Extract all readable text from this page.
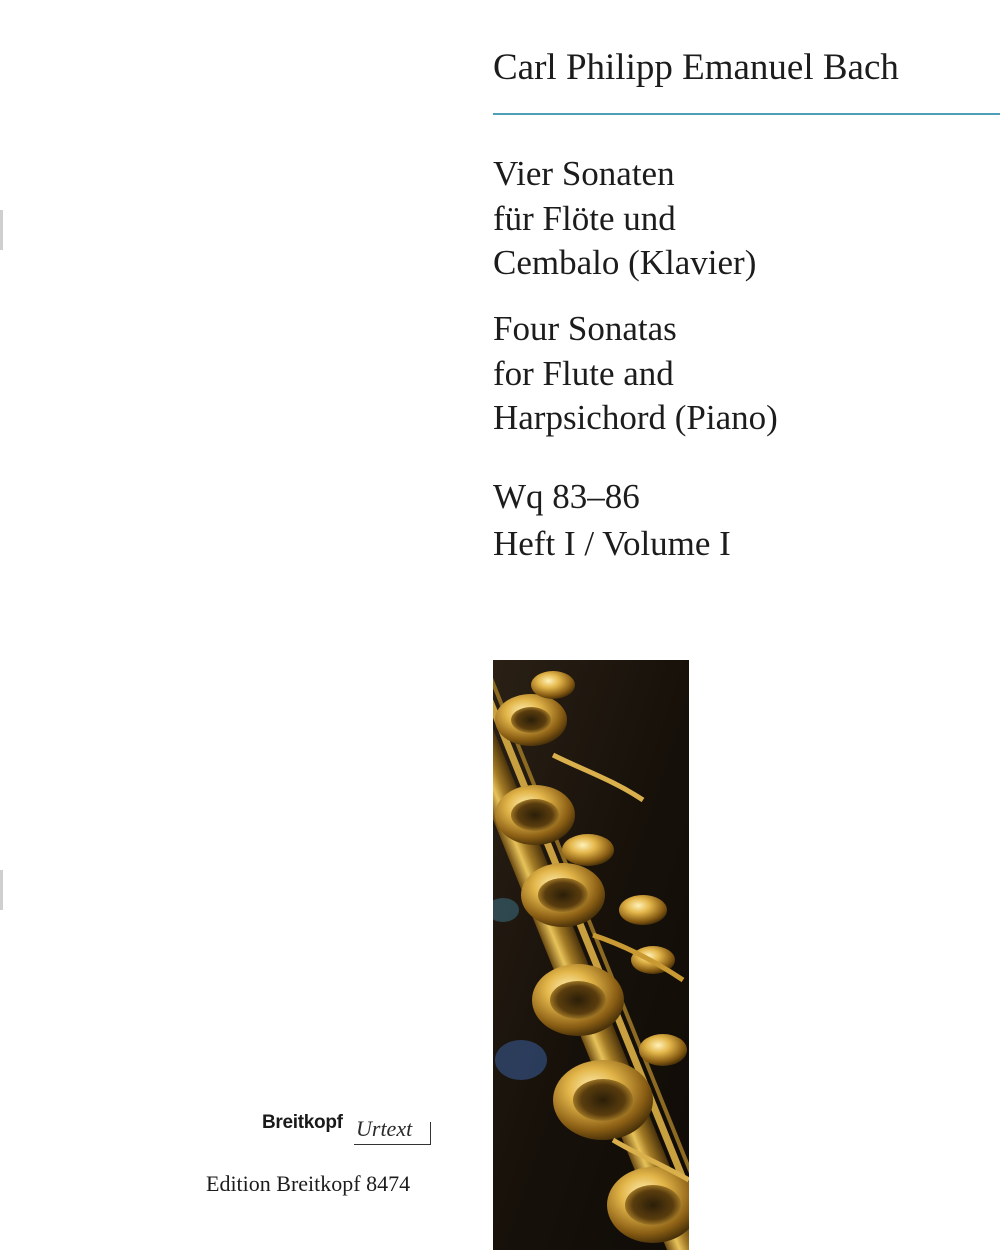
Carl Philipp Emanuel Bach
Vier Sonaten
für Flöte und
Cembalo (Klavier)
Four Sonatas
for Flute and
Harpsichord (Piano)
Wq 83–86
Heft I / Volume I
Breitkopf Urtext
Edition Breitkopf 8474
